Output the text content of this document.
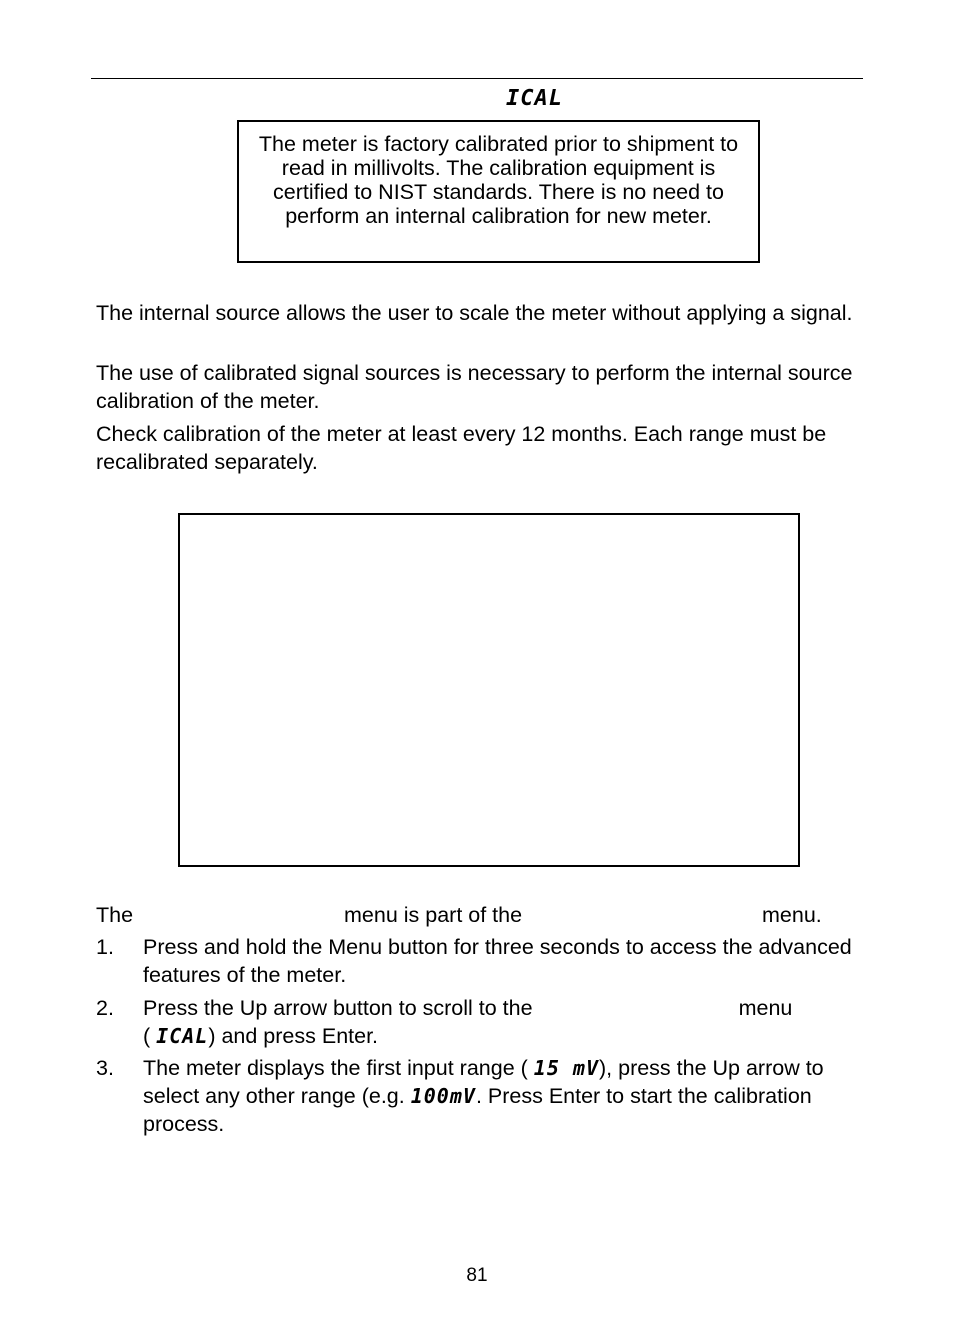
ICAL
The meter is factory calibrated prior to shipment to read in millivolts. The calibration equipment is certified to NIST standards. There is no need to perform an internal calibration for new meter.

The internal source allows the user to scale the meter without applying a signal.

The use of calibrated signal sources is necessary to perform the internal source calibration of the meter.

Check calibration of the meter at least every 12 months. Each range must be recalibrated separately.

The	menu is part of the	menu.
1. Press and hold the Menu button for three seconds to access the advanced features of the meter.
2. Press the Up arrow button to scroll to the	menu
( ICAL) and press Enter.
3. The meter displays the first input range ( 15 mV), press the Up arrow to select any other range (e.g. 100mV. Press Enter to start the calibration process.
81
